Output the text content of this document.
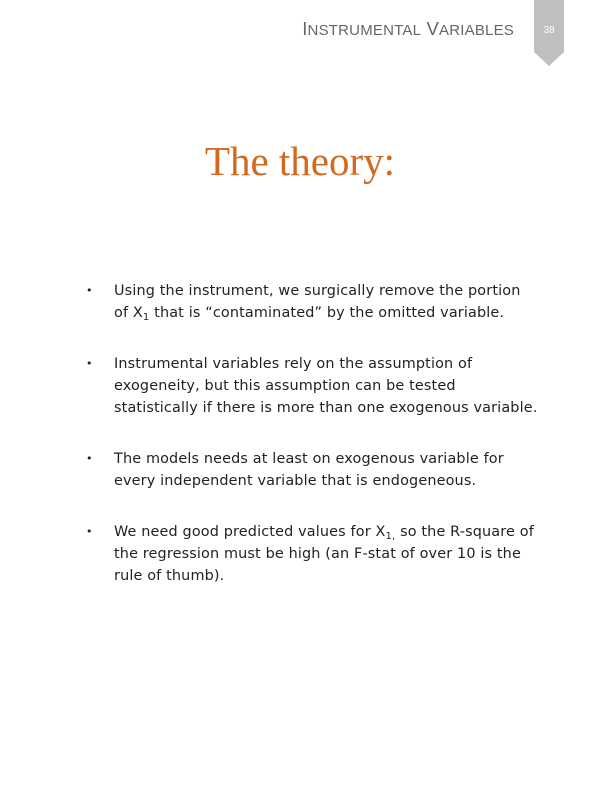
INSTRUMENTAL VARIABLES	38
The theory:
• Using the instrument, we surgically remove the portion
of $X_1$ that is “contaminated” by the omitted variable.
• Instrumental variables rely on the assumption of
exogeneity, but this assumption can be tested
statistically if there is more than one exogenous variable.
• The models needs at least on exogenous variable for
every independent variable that is endogeneous.
• We need good predicted values for $X_{1,}$ so the R-square of
the regression must be high (an F-stat of over 10 is the
rule of thumb).
